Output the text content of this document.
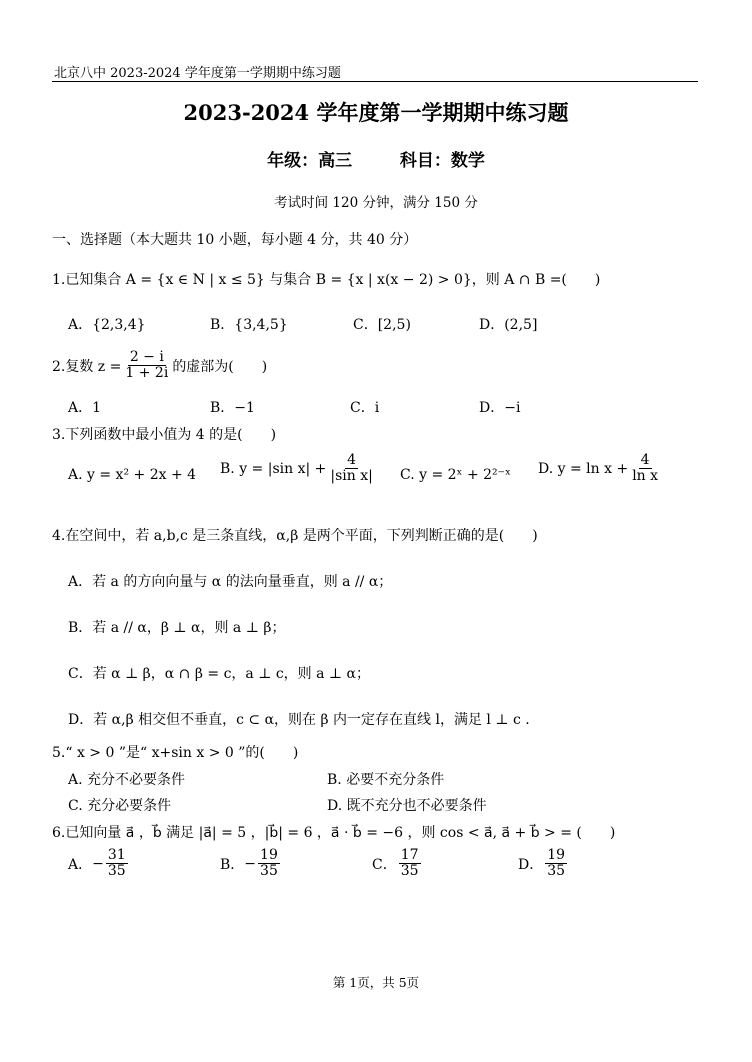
北京八中 2023-2024 学年度第一学期期中练习题
2023-2024 学年度第一学期期中练习题
年级：高三	科目：数学
考试时间 120 分钟，满分 150 分
一、选择题（本大题共 10 小题，每小题 4 分，共 40 分）
1.已知集合 A = {x ∈ N | x ≤ 5} 与集合 B = {x | x(x − 2) > 0}，则 A ∩ B =(　　)
A．{2,3,4}	B．{3,4,5}	C．[2,5)	D．(2,5]
2.复数 $z = \frac{2 - i}{1 + 2i}$ 的虚部为(　　)
A．1	B．−1	C．i	D．−i
3.下列函数中最小值为 4 的是(　　)
A. y = x² + 2x + 4 B. y = |sin $x| + \frac{4}{\text{|sin x|}} C$. y = 2ˣ + 2²⁻ˣ D. $y = \ln x + \frac{4}{\text{ln x}}$
4.在空间中，若 a,b,c 是三条直线，α,β 是两个平面，下列判断正确的是(　　)
A．若 a 的方向向量与 α 的法向量垂直，则 a // α；
B．若 a // α，β ⊥ α，则 a ⊥ β；
C．若 α ⊥ β，α ∩ β = c，a ⊥ c，则 a ⊥ α；
D．若 α,β 相交但不垂直，c ⊂ α，则在 β 内一定存在直线 l，满足 l ⊥ c .
5.“ x > 0 ”是“ x+sin x > 0 ”的(　　)
A. 充分不必要条件	B. 必要不充分条件
C. 充分必要条件	D. 既不充分也不必要条件
6.已知向量 a⃗ ，b⃗ 满足 |a⃗| = 5 ，|b⃗| = 6 ，a⃗ · b⃗ = −6 ，则 cos < a⃗, a⃗ + b⃗ > = (　　)
A． − $\frac{31}{35}$	B． − $\frac{19}{35}$	C． $\frac{17}{35}$	D． $\frac{19}{35}$
第 1页，共 5页
